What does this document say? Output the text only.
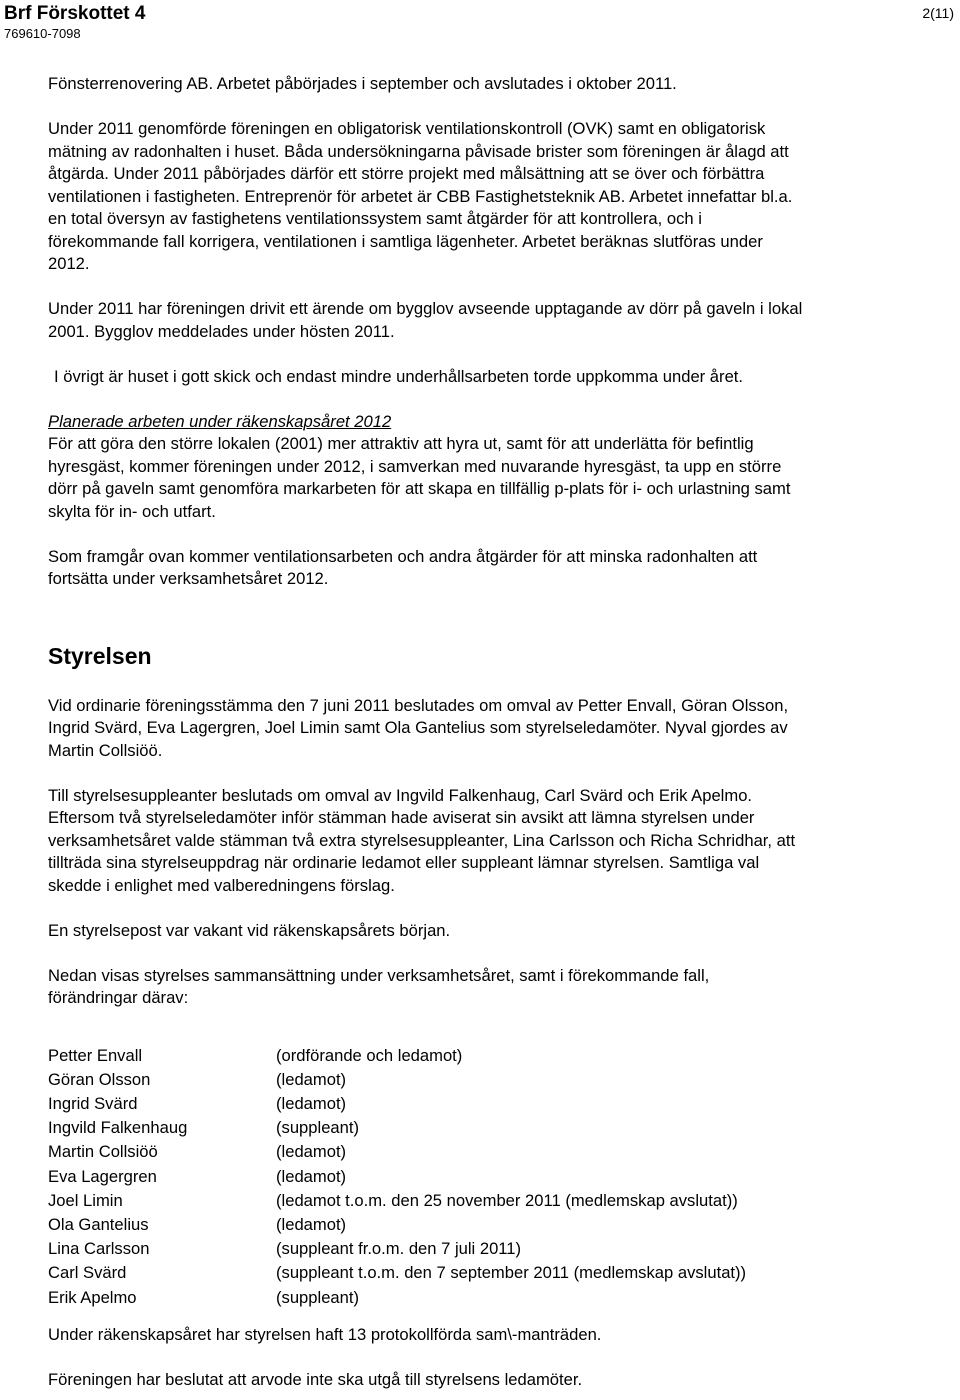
Brf Förskottet 4
769610-7098
2(11)

Fönsterrenovering AB. Arbetet påbörjades i september och avslutades i oktober 2011.

Under 2011 genomförde föreningen en obligatorisk ventilationskontroll (OVK) samt en obligatorisk

mätning av radonhalten i huset. Båda undersökningarna påvisade brister som föreningen är ålagd att

åtgärda. Under 2011 påbörjades därför ett större projekt med målsättning att se över och förbättra

ventilationen i fastigheten. Entreprenör för arbetet är CBB Fastighetsteknik AB. Arbetet innefattar bl.a.

en total översyn av fastighetens ventilationssystem samt åtgärder för att kontrollera, och i

förekommande fall korrigera, ventilationen i samtliga lägenheter. Arbetet beräknas slutföras under

2012.

Under 2011 har föreningen drivit ett ärende om bygglov avseende upptagande av dörr på gaveln i lokal

2001. Bygglov meddelades under hösten 2011.

I övrigt är huset i gott skick och endast mindre underhållsarbeten torde uppkomma under året.

Planerade arbeten under räkenskapsåret 2012

För att göra den större lokalen (2001) mer attraktiv att hyra ut, samt för att underlätta för befintlig

hyresgäst, kommer föreningen under 2012, i samverkan med nuvarande hyresgäst, ta upp en större

dörr på gaveln samt genomföra markarbeten för att skapa en tillfällig p-plats för i- och urlastning samt

skylta för in- och utfart.

Som framgår ovan kommer ventilationsarbeten och andra åtgärder för att minska radonhalten att

fortsätta under verksamhetsåret 2012.

Styrelsen

Vid ordinarie föreningsstämma den 7 juni 2011 beslutades om omval av Petter Envall, Göran Olsson,

Ingrid Svärd, Eva Lagergren, Joel Limin samt Ola Gantelius som styrelseledamöter. Nyval gjordes av

Martin Collsiöö.

Till styrelsesuppleanter beslutads om omval av Ingvild Falkenhaug, Carl Svärd och Erik Apelmo.

Eftersom två styrelseledamöter inför stämman hade aviserat sin avsikt att lämna styrelsen under

verksamhetsåret valde stämman två extra styrelsesuppleanter, Lina Carlsson och Richa Schridhar, att

tillträda sina styrelseuppdrag när ordinarie ledamot eller suppleant lämnar styrelsen. Samtliga val

skedde i enlighet med valberedningens förslag.

En styrelsepost var vakant vid räkenskapsårets början.

Nedan visas styrelses sammansättning under verksamhetsåret, samt i förekommande fall,

förändringar därav:

Petter Envall	(ordförande och ledamot)
Göran Olsson	(ledamot)
Ingrid Svärd	(ledamot)
Ingvild Falkenhaug	(suppleant)
Martin Collsiöö	(ledamot)
Eva Lagergren	(ledamot)
Joel Limin	(ledamot t.o.m. den 25 november 2011 (medlemskap avslutat))
Ola Gantelius	(ledamot)
Lina Carlsson	(suppleant fr.o.m. den 7 juli 2011)
Carl Svärd	(suppleant t.o.m. den 7 september 2011 (medlemskap avslutat))
Erik Apelmo	(suppleant)

Under räkenskapsåret har styrelsen haft 13 protokollförda sam\-manträden.

Föreningen har beslutat att arvode inte ska utgå till styrelsens ledamöter.
